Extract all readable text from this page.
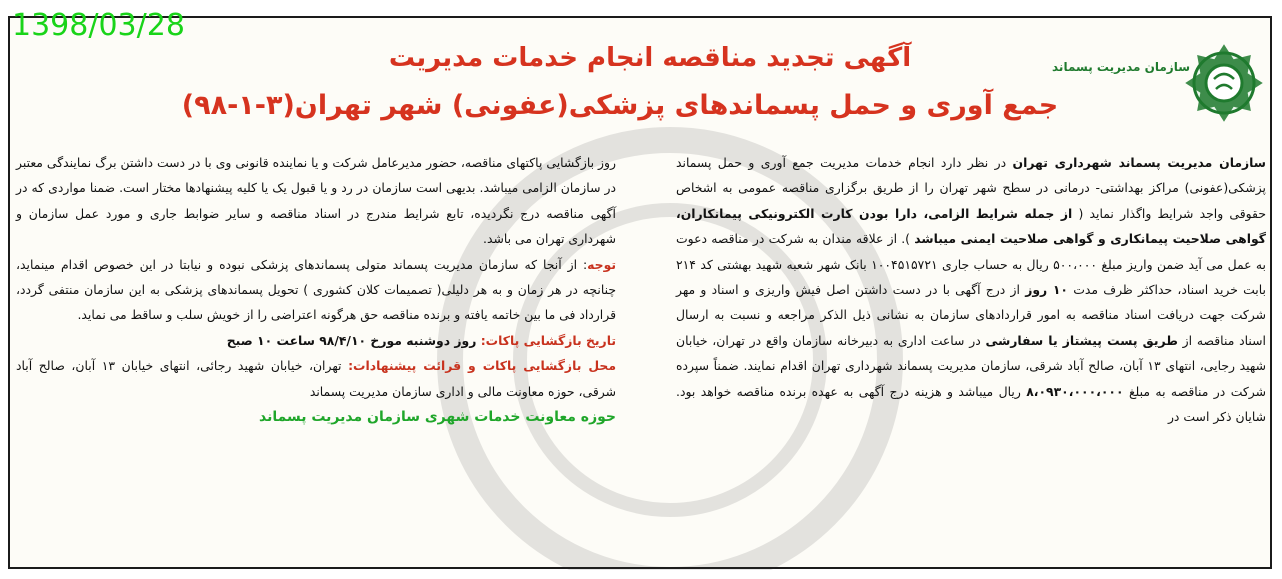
1398/03/28
سازمان مدیریت پسماند
آگهی تجدید مناقصه انجام خدمات مدیریت
جمع آوری و حمل پسماندهای پزشکی(عفونی) شهر تهران(۳-۱-۹۸)
سازمان مدیریت پسماند شهرداری تهران در نظر دارد انجام خدمات مدیریت جمع آوری و حمل پسماند پزشکی(عفونی) مراکز بهداشتی- درمانی در سطح شهر تهران را از طریق برگزاری مناقصه عمومی به اشخاص حقوقی واجد شرایط واگذار نماید ( از جمله شرایط الزامی، دارا بودن کارت الکترونیکی پیمانکاران، گواهی صلاحیت پیمانکاری و گواهی صلاحیت ایمنی میباشد ). از علاقه مندان به شرکت در مناقصه دعوت به عمل می آید ضمن واریز مبلغ ۵۰۰،۰۰۰ ریال به حساب جاری ۱۰۰۴۵۱۵۷۲۱ بانک شهر شعبه شهید بهشتی کد ۲۱۴ بابت خرید اسناد، حداکثر ظرف مدت ۱۰ روز از درج آگهی با در دست داشتن اصل فیش واریزی و اسناد و مهر شرکت جهت دریافت اسناد مناقصه به امور قراردادهای سازمان به نشانی ذیل الذکر مراجعه و نسبت به ارسال اسناد مناقصه از طریق پست پیشتاز یا سفارشی در ساعت اداری به دبیرخانه سازمان واقع در تهران، خیابان شهید رجایی، انتهای ۱۳ آبان، صالح آباد شرقی، سازمان مدیریت پسماند شهرداری تهران اقدام نمایند. ضمناً سپرده شرکت در مناقصه به مبلغ ۸،۰۹۳۰،۰۰۰،۰۰۰ ریال میباشد و هزینه درج آگهی به عهده برنده مناقصه خواهد بود. شایان ذکر است در
روز بازگشایی پاکتهای مناقصه، حضور مدیرعامل شرکت و یا نماینده قانونی وی با در دست داشتن برگ نمایندگی معتبر در سازمان الزامی میباشد. بدیهی است سازمان در رد و یا قبول یک یا کلیه پیشنهادها مختار است. ضمنا مواردی که در آگهی مناقصه درج نگردیده، تابع شرایط مندرج در اسناد مناقصه و سایر ضوابط جاری و مورد عمل سازمان و شهرداری تهران می باشد.
توجه: از آنجا که سازمان مدیریت پسماند متولی پسماندهای پزشکی نبوده و نیابتا در این خصوص اقدام مینماید، چنانچه در هر زمان و به هر دلیلی( تصمیمات کلان کشوری ) تحویل پسماندهای پزشکی به این سازمان منتفی گردد، قرارداد فی ما بین خاتمه یافته و برنده مناقصه حق هرگونه اعتراضی را از خویش سلب و ساقط می نماید.
تاریخ بازگشایی پاکات: روز دوشنبه مورخ ۹۸/۴/۱۰ ساعت ۱۰ صبح
محل بازگشایی پاکات و قرائت پیشنهادات: تهران، خیابان شهید رجائی، انتهای خیابان ۱۳ آبان، صالح آباد شرقی، حوزه معاونت مالی و اداری سازمان مدیریت پسماند
حوزه معاونت خدمات شهری سازمان مدیریت پسماند
